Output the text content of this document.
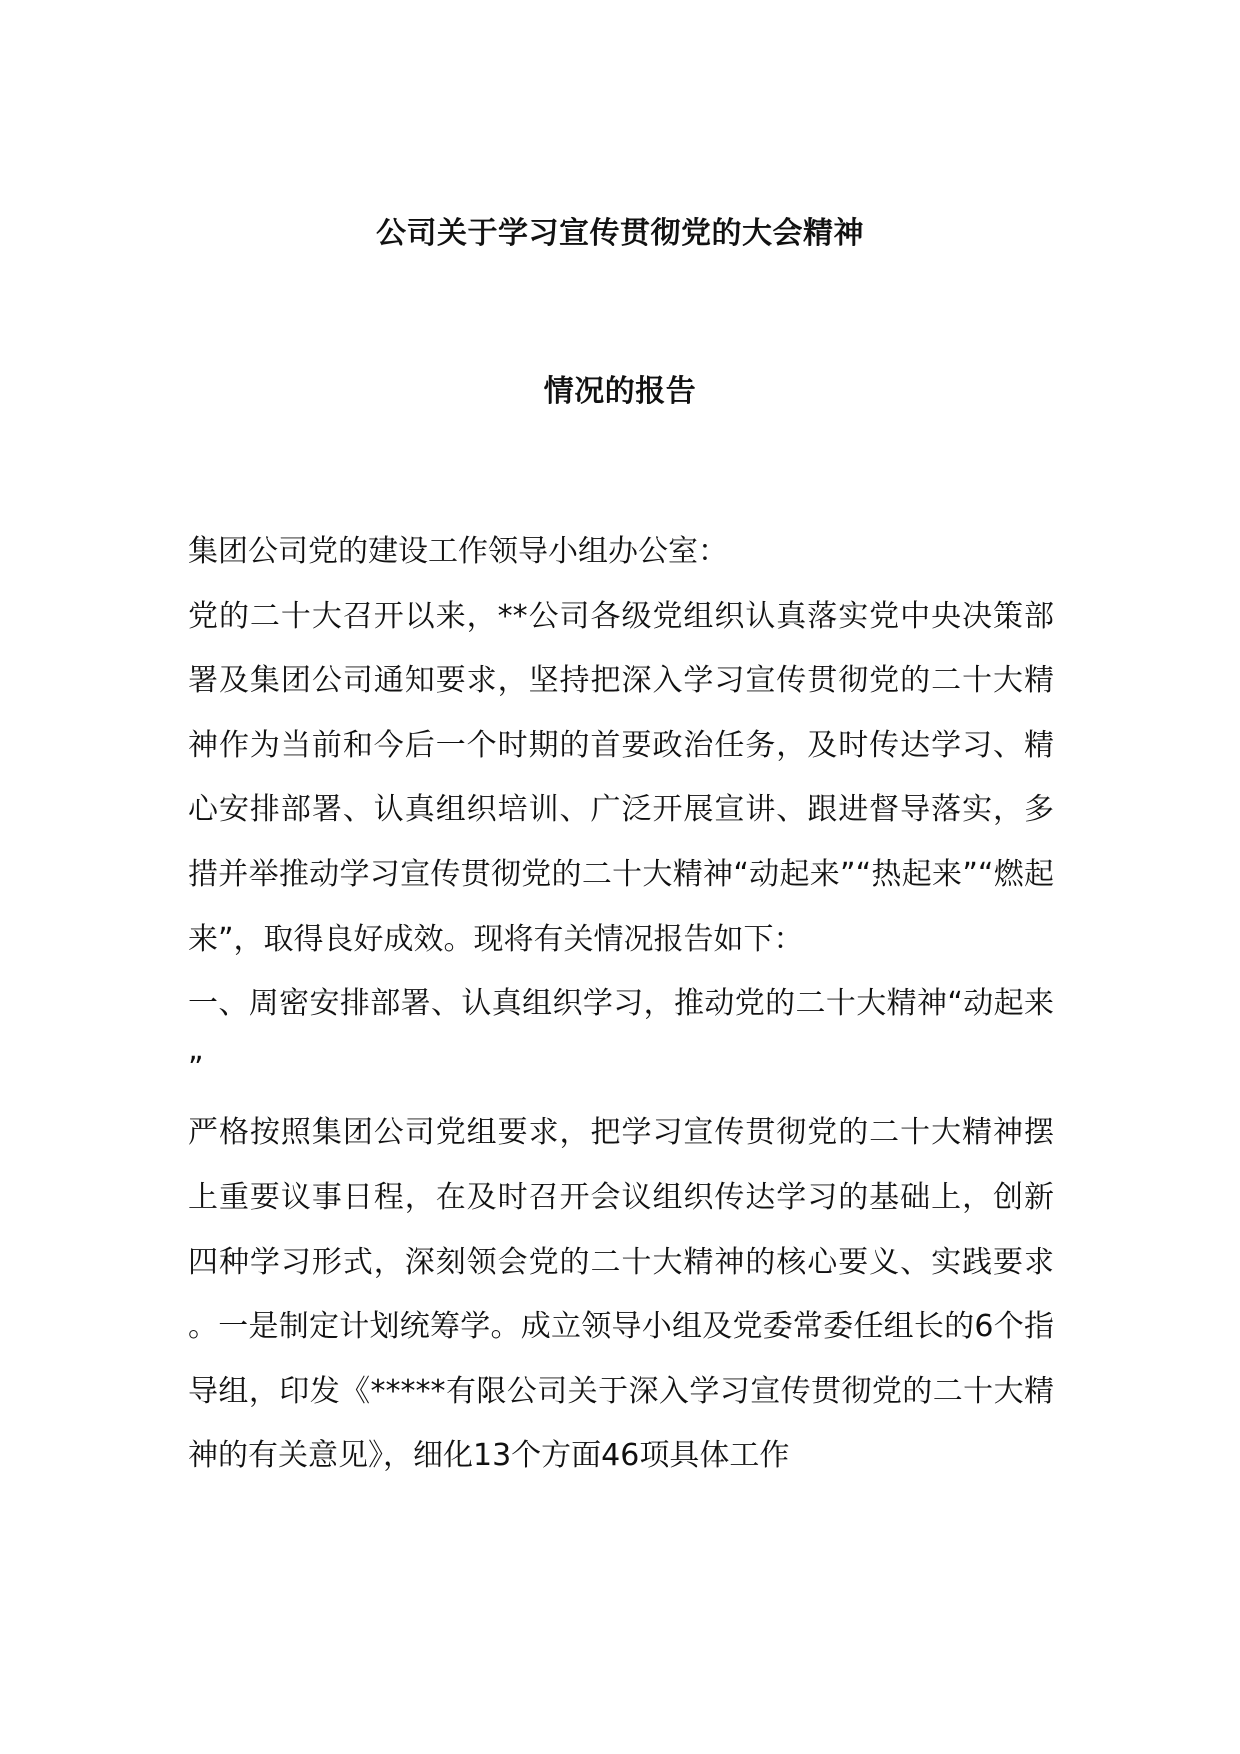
公司关于学习宣传贯彻党的大会精神
情况的报告

集团公司党的建设工作领导小组办公室：

党的二十大召开以来，**公司各级党组织认真落实党中央决策部署及集团公司通知要求，坚持把深入学习宣传贯彻党的二十大精神作为当前和今后一个时期的首要政治任务，及时传达学习、精心安排部署、认真组织培训、广泛开展宣讲、跟进督导落实，多措并举推动学习宣传贯彻党的二十大精神“动起来”“热起来”“燃起来”，取得良好成效。现将有关情况报告如下：

一、周密安排部署、认真组织学习，推动党的二十大精神“动起来”

严格按照集团公司党组要求，把学习宣传贯彻党的二十大精神摆上重要议事日程，在及时召开会议组织传达学习的基础上，创新四种学习形式，深刻领会党的二十大精神的核心要义、实践要求。一是制定计划统筹学。成立领导小组及党委常委任组长的6个指导组，印发《*****有限公司关于深入学习宣传贯彻党的二十大精神的有关意见》，细化13个方面46项具体工作
